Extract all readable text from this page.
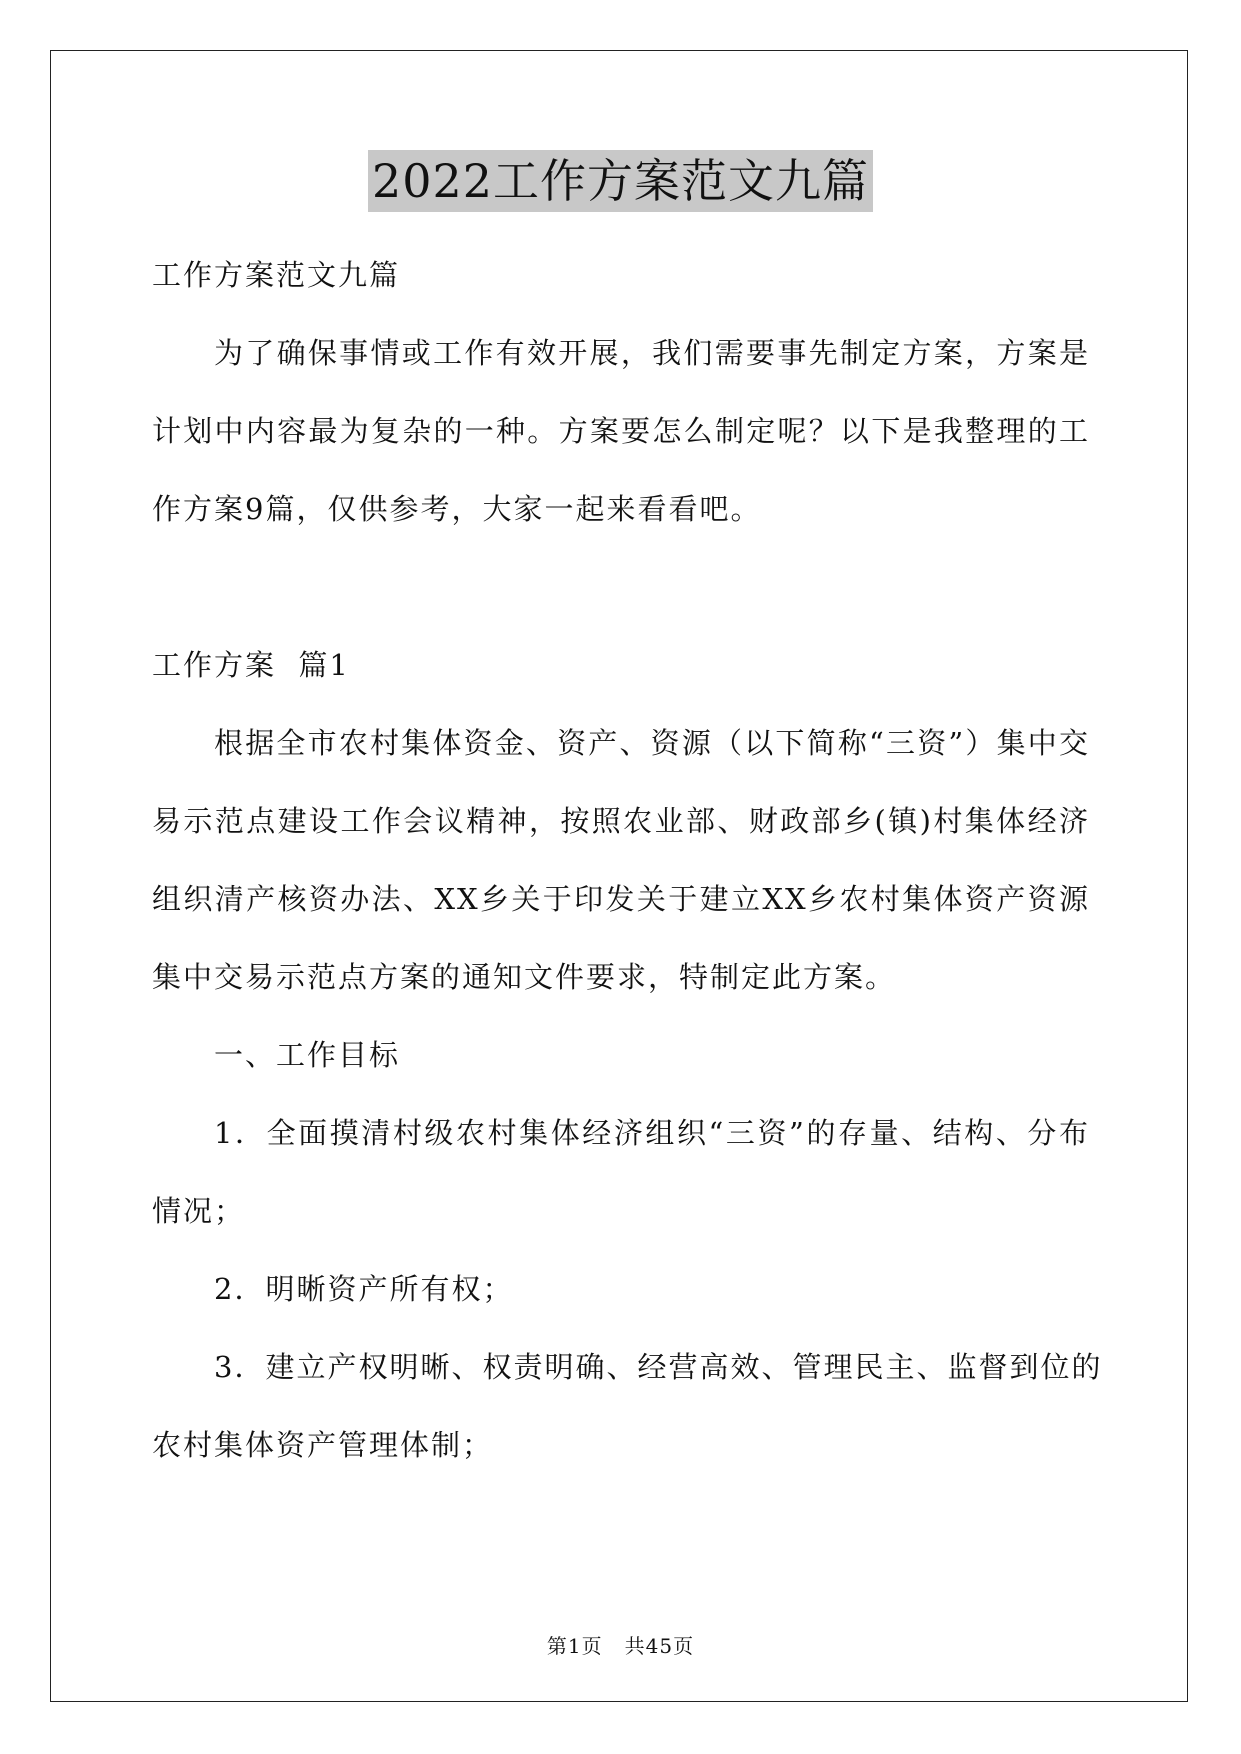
2022工作方案范文九篇
工作方案范文九篇
为了确保事情或工作有效开展，我们需要事先制定方案，方案是
计划中内容最为复杂的一种。方案要怎么制定呢？以下是我整理的工
作方案9篇，仅供参考，大家一起来看看吧。
工作方案  篇1
根据全市农村集体资金、资产、资源（以下简称“三资”）集中交
易示范点建设工作会议精神，按照农业部、财政部乡(镇)村集体经济
组织清产核资办法、XX乡关于印发关于建立XX乡农村集体资产资源
集中交易示范点方案的通知文件要求，特制定此方案。
一、工作目标
1．全面摸清村级农村集体经济组织“三资”的存量、结构、分布
情况；
2．明晰资产所有权；
3．建立产权明晰、权责明确、经营高效、管理民主、监督到位的
农村集体资产管理体制；
第1页   共45页
